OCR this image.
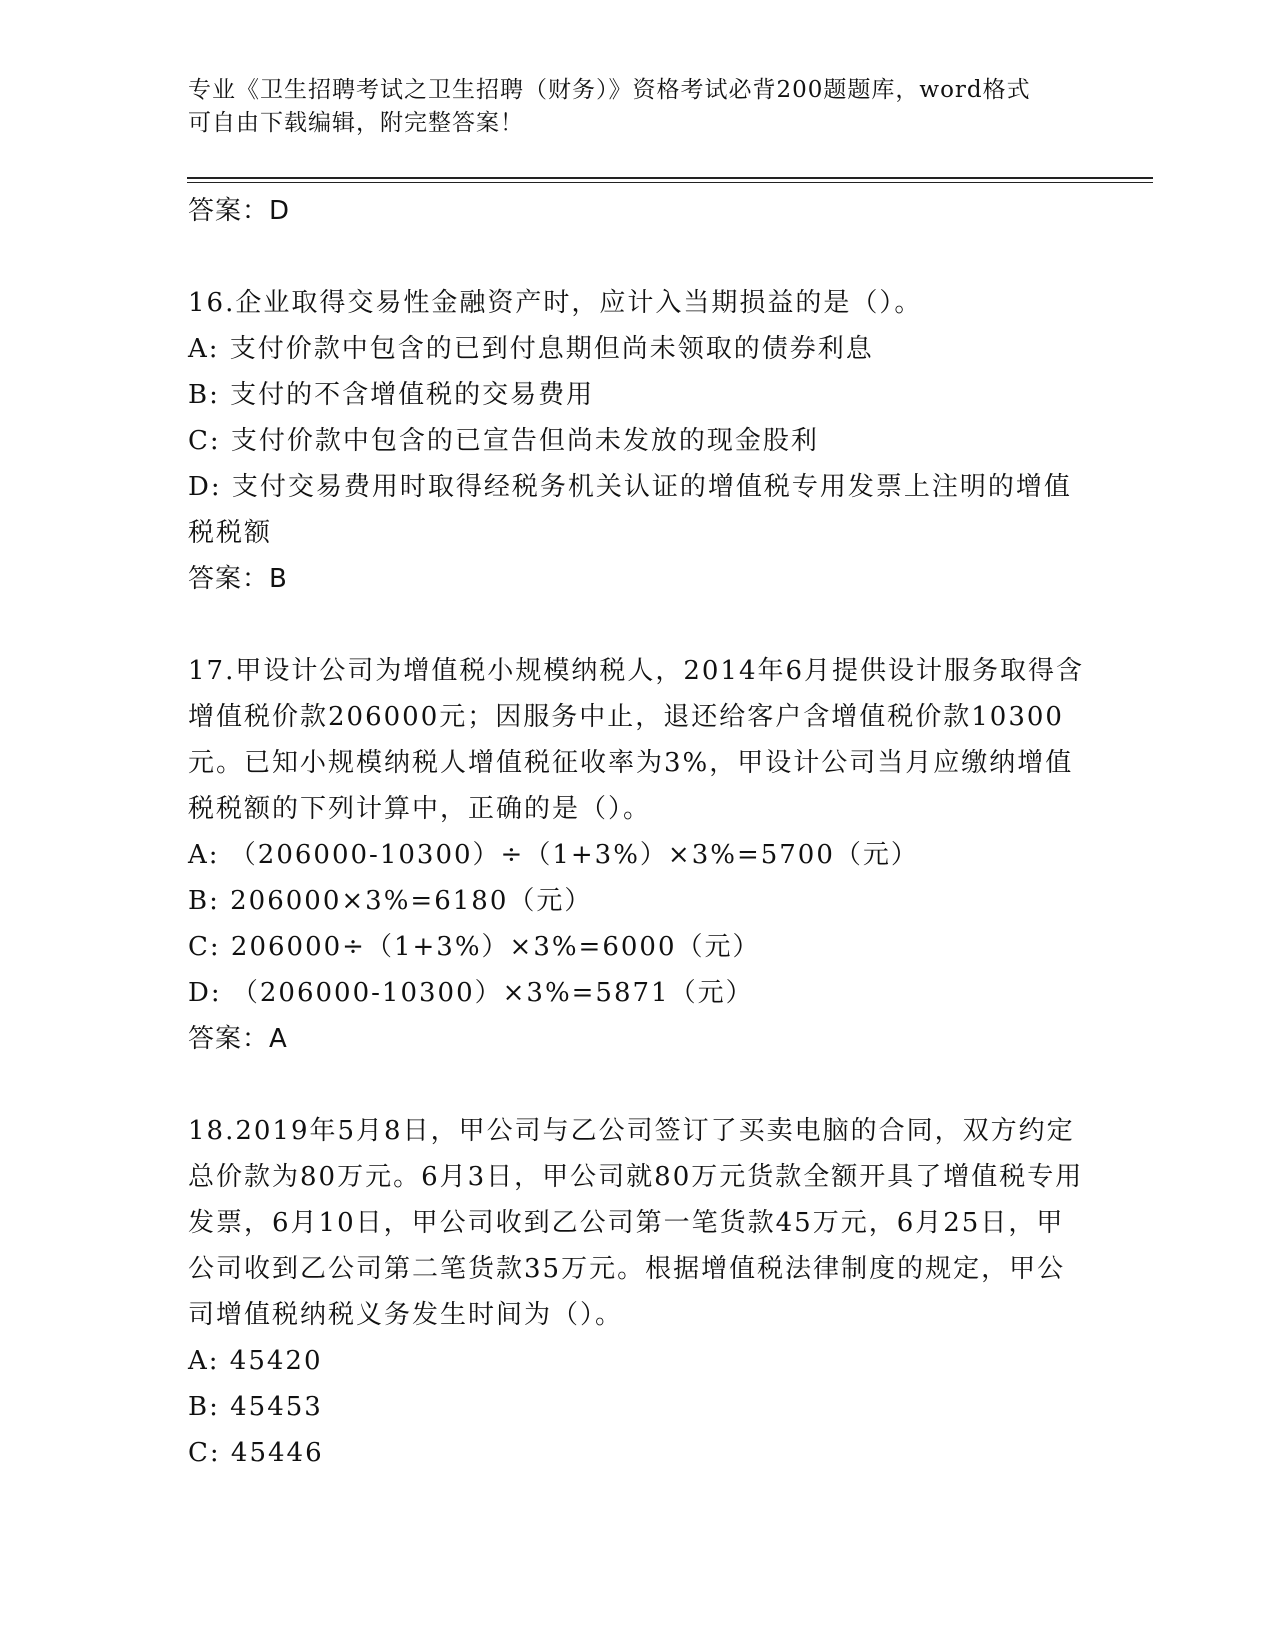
专业《卫生招聘考试之卫生招聘（财务）》资格考试必背200题题库，word格式
可自由下载编辑，附完整答案！
答案：D
16.企业取得交易性金融资产时，应计入当期损益的是（）。
A: 支付价款中包含的已到付息期但尚未领取的债券利息
B: 支付的不含增值税的交易费用
C: 支付价款中包含的已宣告但尚未发放的现金股利
D: 支付交易费用时取得经税务机关认证的增值税专用发票上注明的增值税税额
答案：B
17.甲设计公司为增值税小规模纳税人，2014年6月提供设计服务取得含增值税价款206000元；因服务中止，退还给客户含增值税价款10300元。已知小规模纳税人增值税征收率为3%，甲设计公司当月应缴纳增值税税额的下列计算中，正确的是（）。
A: （206000-10300）÷（1+3%）×3%=5700（元）
B: 206000×3%=6180（元）
C: 206000÷（1+3%）×3%=6000（元）
D: （206000-10300）×3%=5871（元）
答案：A
18.2019年5月8日，甲公司与乙公司签订了买卖电脑的合同，双方约定总价款为80万元。6月3日，甲公司就80万元货款全额开具了增值税专用发票，6月10日，甲公司收到乙公司第一笔货款45万元，6月25日，甲公司收到乙公司第二笔货款35万元。根据增值税法律制度的规定，甲公司增值税纳税义务发生时间为（）。
A: 45420
B: 45453
C: 45446
